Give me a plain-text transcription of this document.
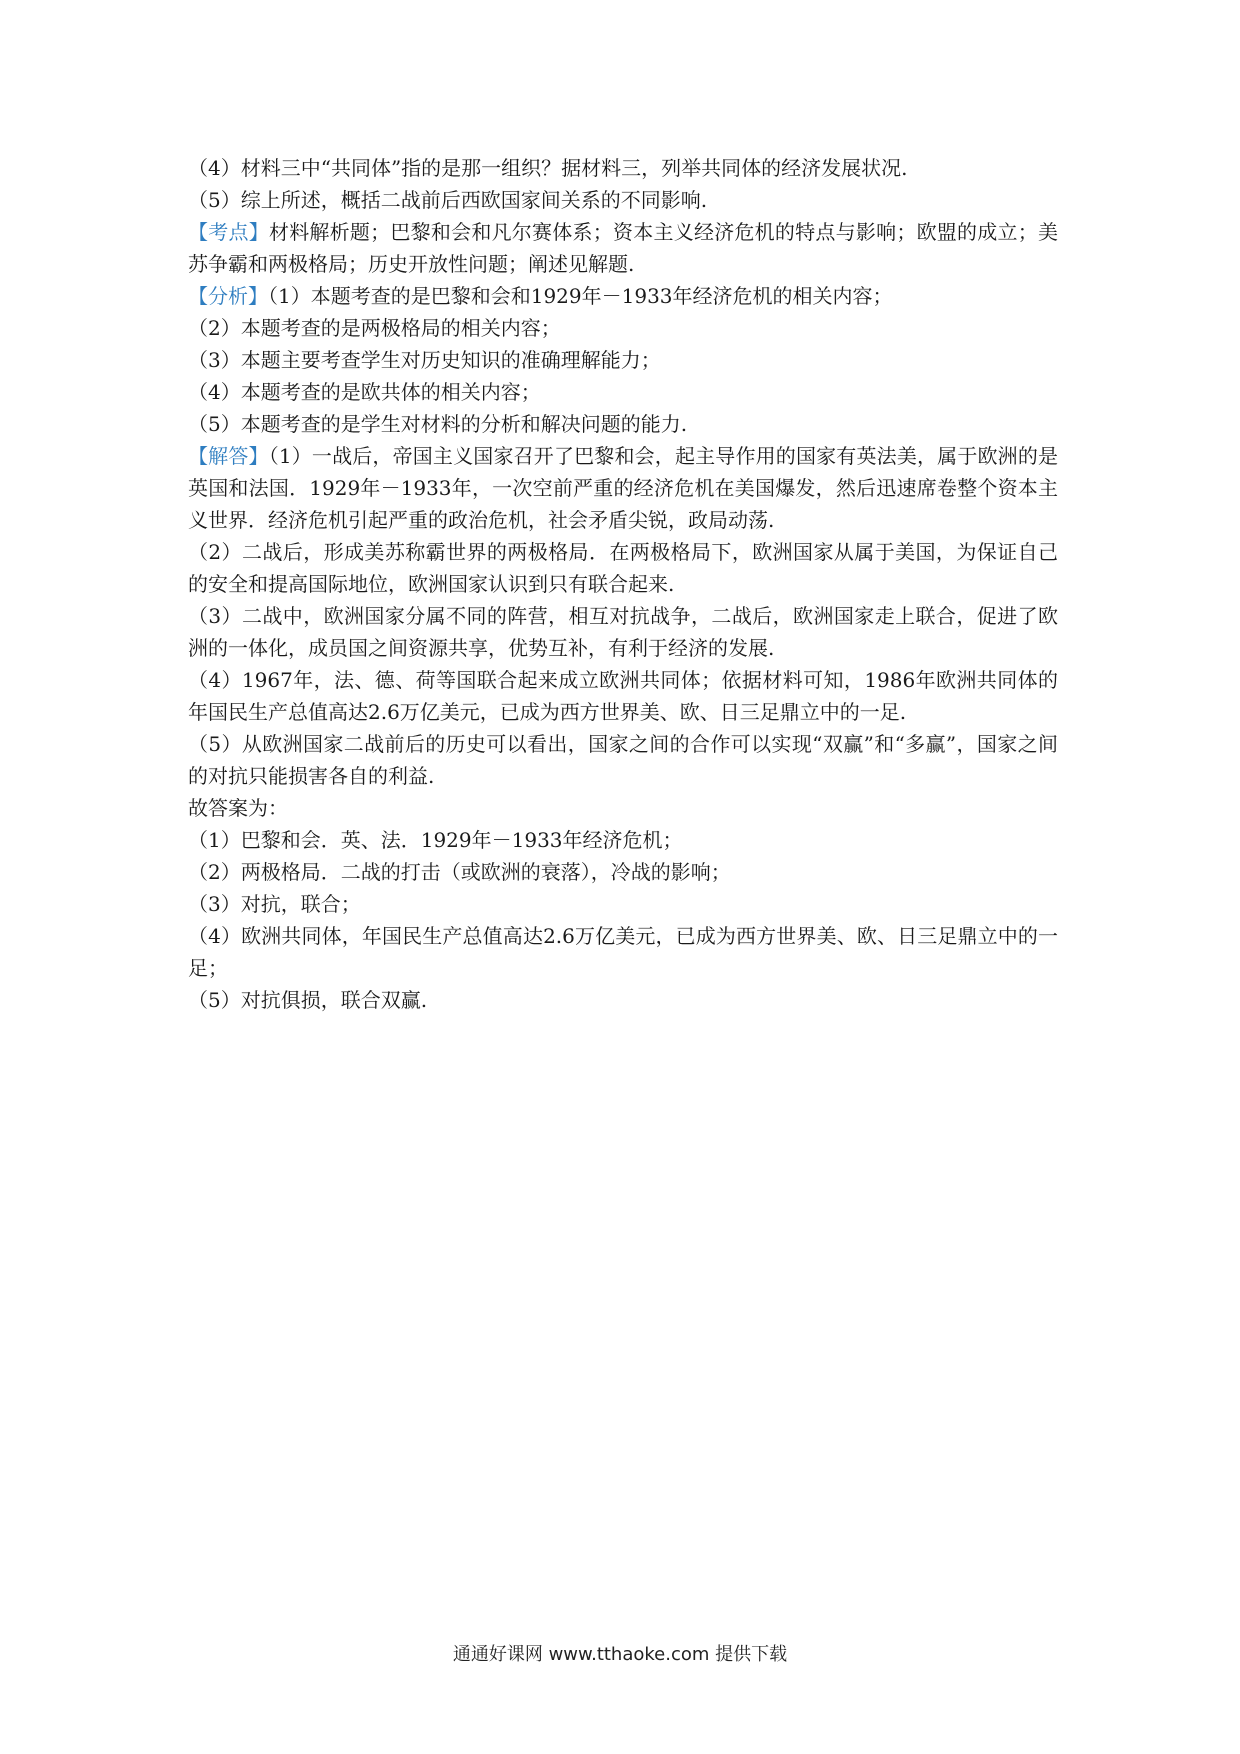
（4）材料三中“共同体”指的是那一组织？据材料三，列举共同体的经济发展状况.

（5）综上所述，概括二战前后西欧国家间关系的不同影响.

【考点】材料解析题；巴黎和会和凡尔赛体系；资本主义经济危机的特点与影响；欧盟的成立；美苏争霸和两极格局；历史开放性问题；阐述见解题.

【分析】（1）本题考查的是巴黎和会和1929年－1933年经济危机的相关内容；

（2）本题考查的是两极格局的相关内容；

（3）本题主要考查学生对历史知识的准确理解能力；

（4）本题考查的是欧共体的相关内容；

（5）本题考查的是学生对材料的分析和解决问题的能力.

【解答】（1）一战后，帝国主义国家召开了巴黎和会，起主导作用的国家有英法美，属于欧洲的是英国和法国．1929年－1933年，一次空前严重的经济危机在美国爆发，然后迅速席卷整个资本主义世界．经济危机引起严重的政治危机，社会矛盾尖锐，政局动荡.

（2）二战后，形成美苏称霸世界的两极格局．在两极格局下，欧洲国家从属于美国，为保证自己的安全和提高国际地位，欧洲国家认识到只有联合起来.

（3）二战中，欧洲国家分属不同的阵营，相互对抗战争，二战后，欧洲国家走上联合，促进了欧洲的一体化，成员国之间资源共享，优势互补，有利于经济的发展.

（4）1967年，法、德、荷等国联合起来成立欧洲共同体；依据材料可知，1986年欧洲共同体的年国民生产总值高达2.6万亿美元，已成为西方世界美、欧、日三足鼎立中的一足.

（5）从欧洲国家二战前后的历史可以看出，国家之间的合作可以实现“双赢”和“多赢”，国家之间的对抗只能损害各自的利益.

故答案为：

（1）巴黎和会．英、法．1929年－1933年经济危机；

（2）两极格局．二战的打击（或欧洲的衰落），冷战的影响；

（3）对抗，联合；

（4）欧洲共同体，年国民生产总值高达2.6万亿美元，已成为西方世界美、欧、日三足鼎立中的一足；

（5）对抗俱损，联合双赢.

通通好课网 www.tthaoke.com 提供下载
